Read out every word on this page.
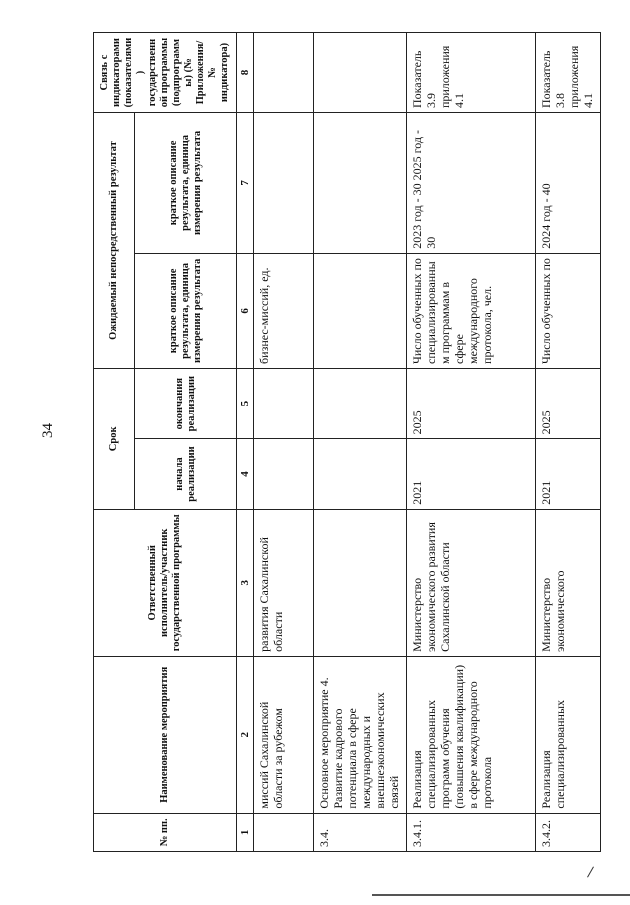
34
№ пп.	Наименование мероприятия	Ответственный исполнитель/участник государственной программы	Срок		Ожидаемый непосредственный результат		Связь с индикаторами (показателями) государственной программы (подпрограммы) (№ Приложения/№ индикатора)
			начала реализации	окончания реализации	краткое описание результата, единица измерения результата	краткое описание результата, единица измерения результата	
1	2	3	4	5	6	7	8
	миссий Сахалинской области за рубежом	развития Сахалинской области			бизнес-миссий, ед.		
3.4.	Основное мероприятие 4. Развитие кадрового потенциала в сфере международных и внешнеэкономических связей						
3.4.1.	Реализация специализированных программ обучения (повышения квалификации) в сфере международного протокола	Министерство экономического развития Сахалинской области	2021	2025	Число обученных по специализированным программам в сфере международного протокола, чел.	2023 год - 30 2025 год - 30	Показатель 3.9 приложения 4.1
3.4.2.	Реализация специализированных	Министерство экономического	2021	2025	Число обученных по	2024 год - 40	Показатель 3.8 приложения 4.1
